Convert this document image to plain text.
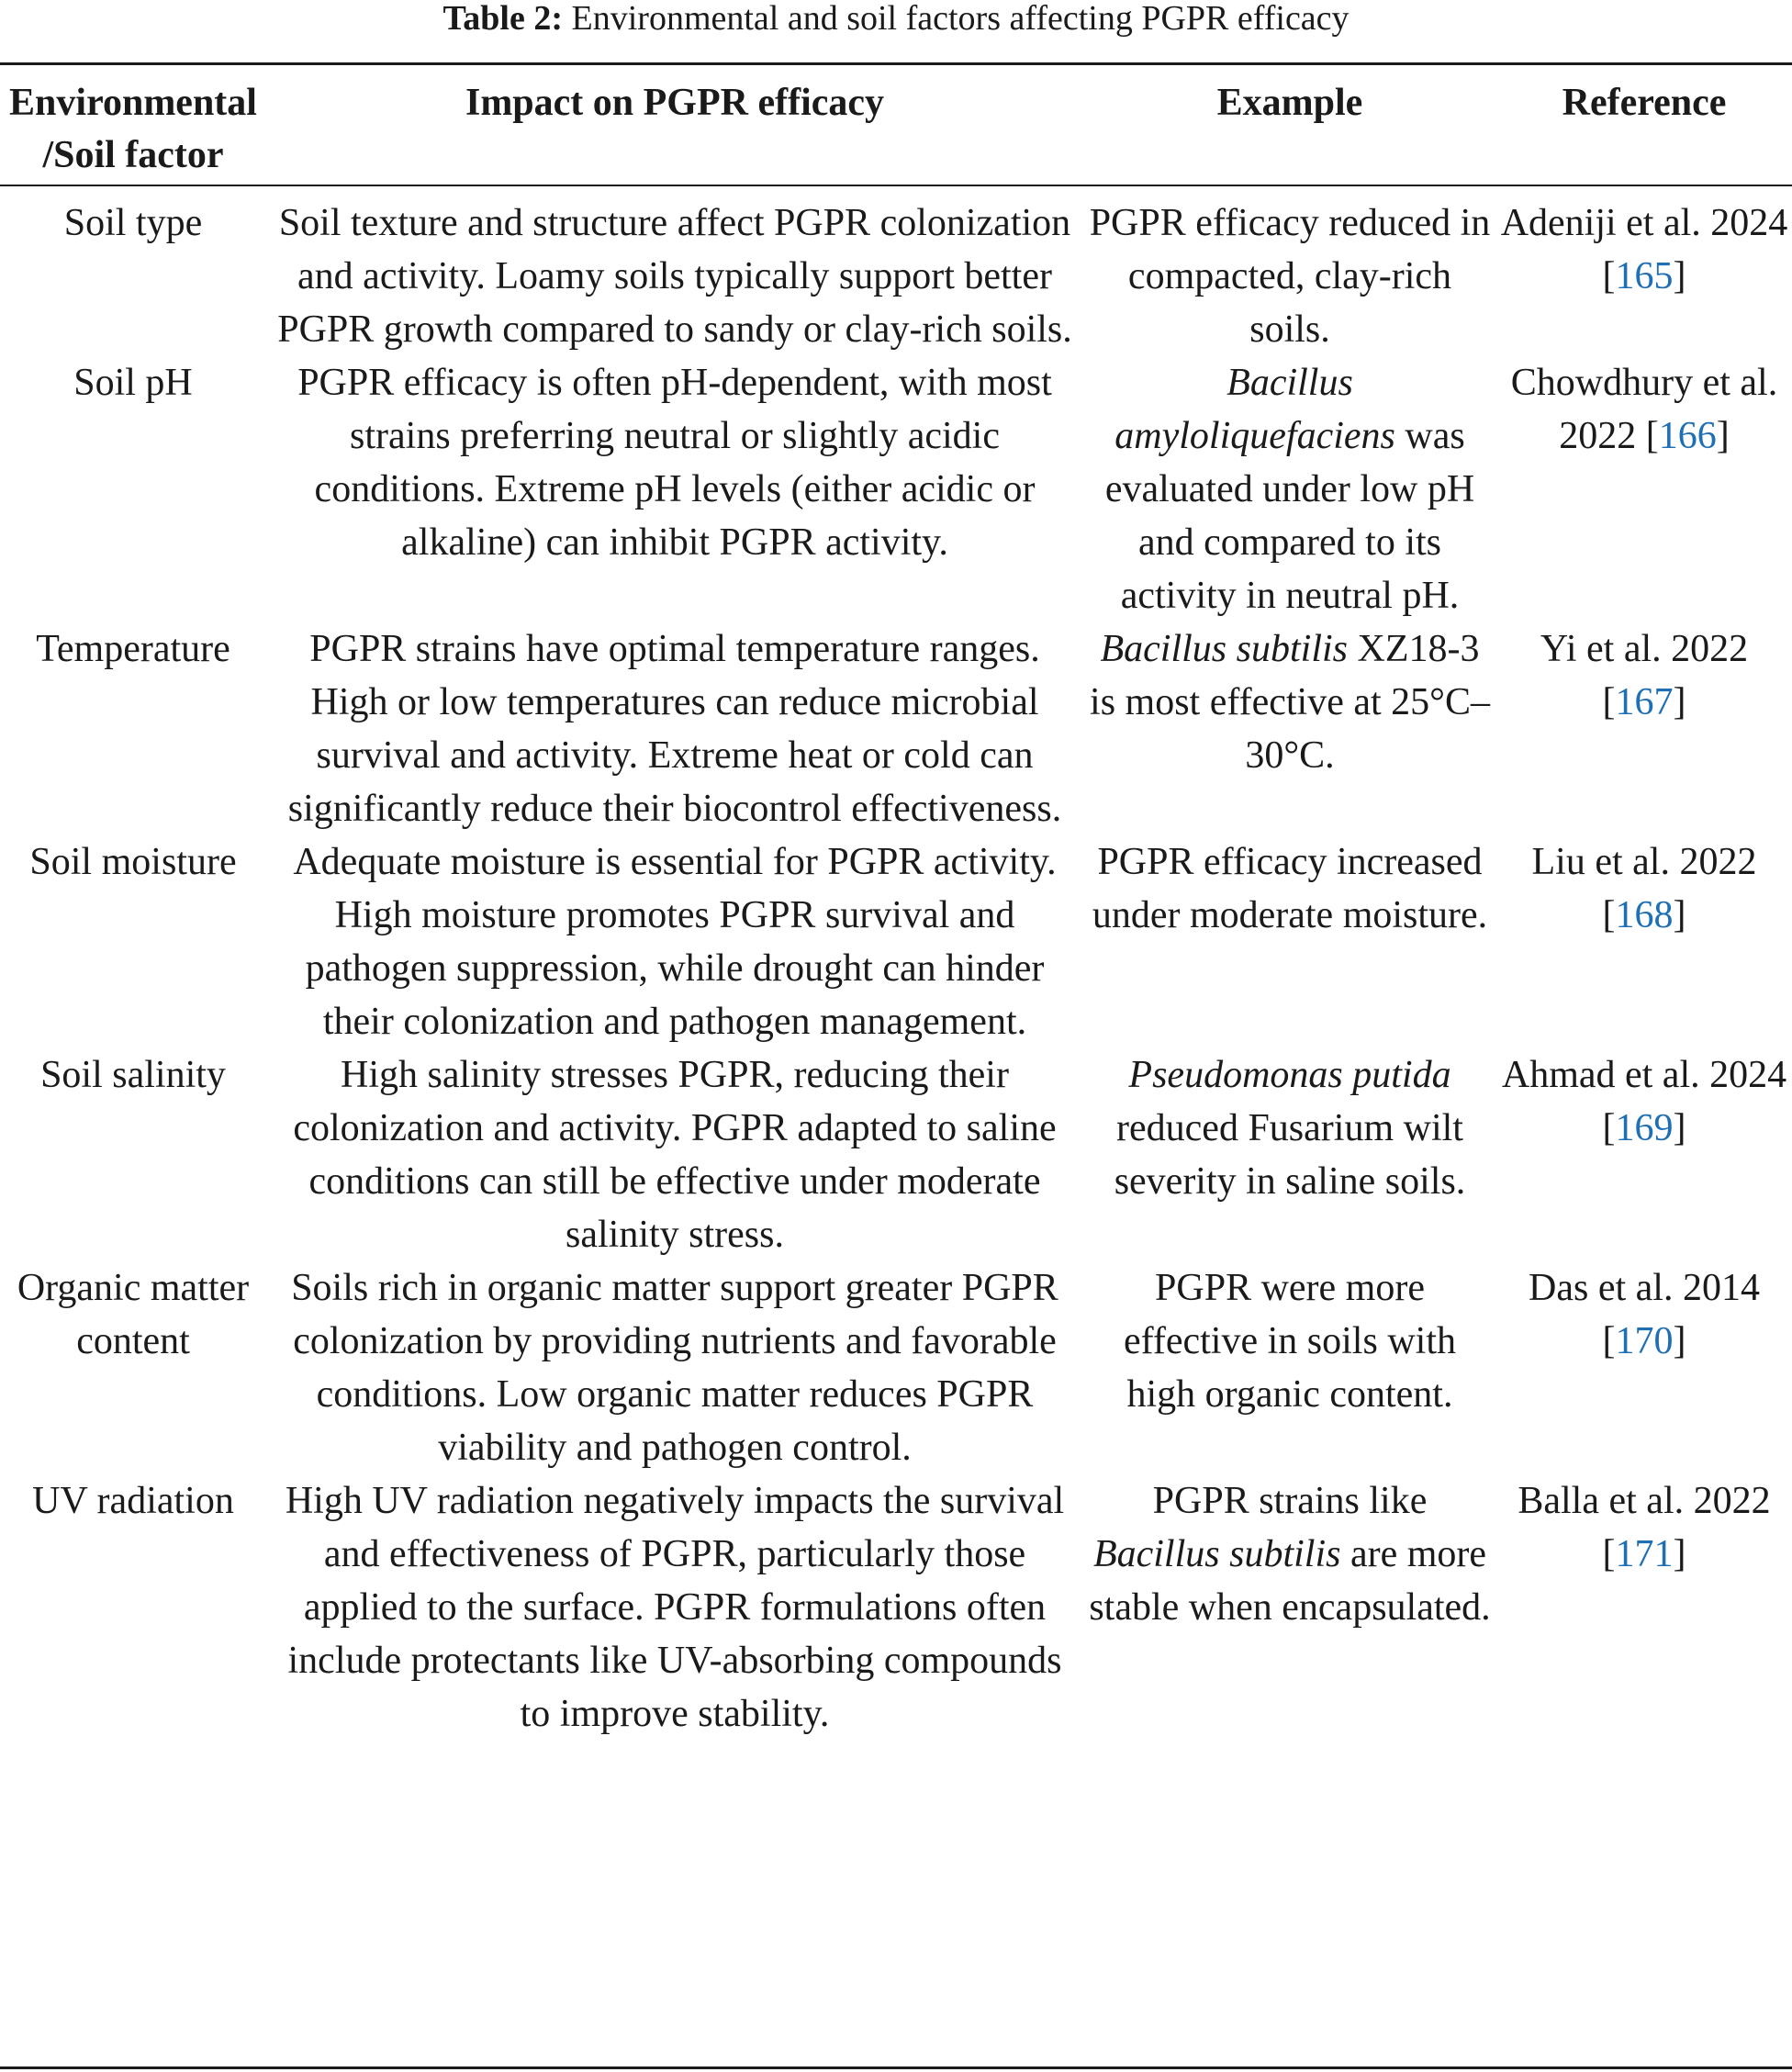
Table 2: Environmental and soil factors affecting PGPR efficacy
Environmental
/Soil factor	Impact on PGPR efficacy	Example	Reference
Soil type	Soil texture and structure affect PGPR colonization and activity. Loamy soils typically support better PGPR growth compared to sandy or clay-rich soils.	PGPR efficacy reduced in compacted, clay-rich soils.	Adeniji et al. 2024 [165]
Soil pH	PGPR efficacy is often pH-dependent, with most strains preferring neutral or slightly acidic conditions. Extreme pH levels (either acidic or alkaline) can inhibit PGPR activity.	Bacillus amyloliquefaciens was evaluated under low pH and compared to its activity in neutral pH.	Chowdhury et al. 2022 [166]
Temperature	PGPR strains have optimal temperature ranges. High or low temperatures can reduce microbial survival and activity. Extreme heat or cold can significantly reduce their biocontrol effectiveness.	Bacillus subtilis XZ18-3 is most effective at 25°C–30°C.	Yi et al. 2022 [167]
Soil moisture	Adequate moisture is essential for PGPR activity. High moisture promotes PGPR survival and pathogen suppression, while drought can hinder their colonization and pathogen management.	PGPR efficacy increased under moderate moisture.	Liu et al. 2022 [168]
Soil salinity	High salinity stresses PGPR, reducing their colonization and activity. PGPR adapted to saline conditions can still be effective under moderate salinity stress.	Pseudomonas putida reduced Fusarium wilt severity in saline soils.	Ahmad et al. 2024 [169]
Organic matter content	Soils rich in organic matter support greater PGPR colonization by providing nutrients and favorable conditions. Low organic matter reduces PGPR viability and pathogen control.	PGPR were more effective in soils with high organic content.	Das et al. 2014 [170]
UV radiation	High UV radiation negatively impacts the survival and effectiveness of PGPR, particularly those applied to the surface. PGPR formulations often include protectants like UV-absorbing compounds to improve stability.	PGPR strains like Bacillus subtilis are more stable when encapsulated.	Balla et al. 2022 [171]
